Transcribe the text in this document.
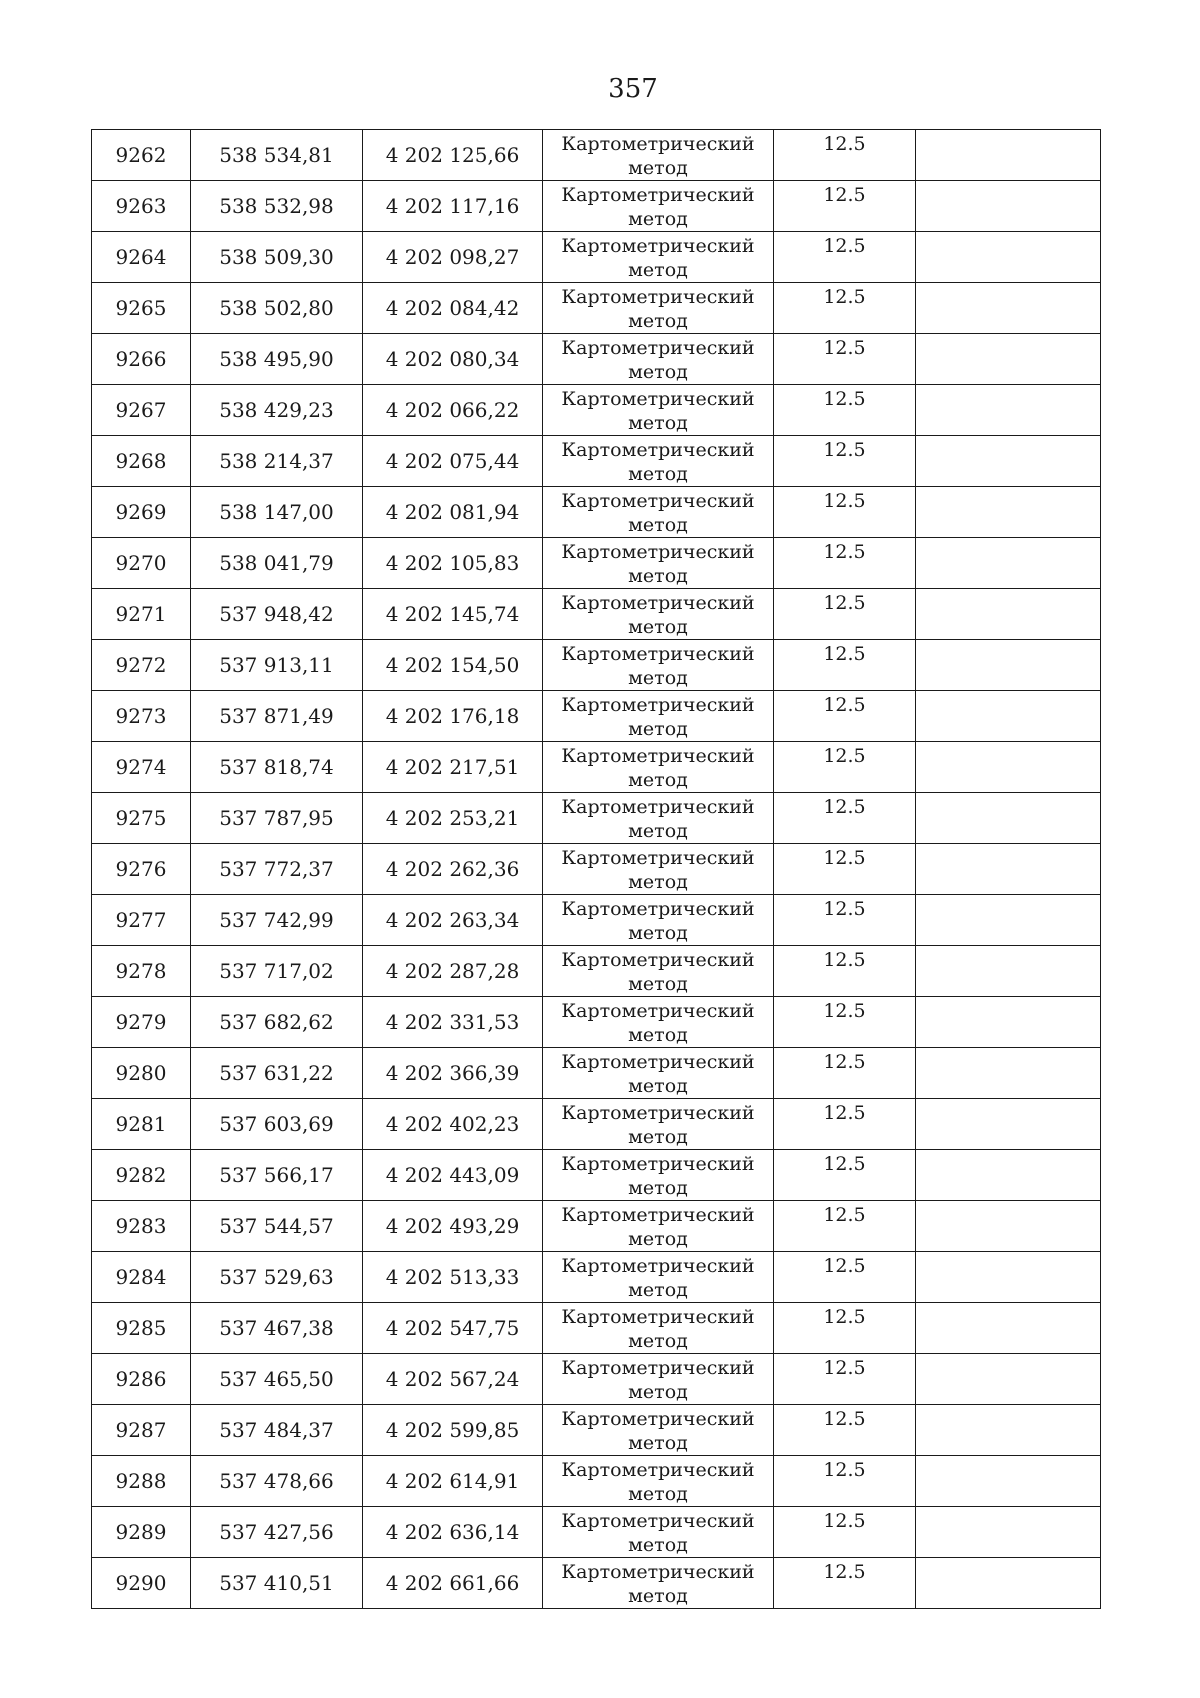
357
9262	538 534,81	4 202 125,66	Картометрический
метод	12.5	
9263	538 532,98	4 202 117,16	Картометрический
метод	12.5	
9264	538 509,30	4 202 098,27	Картометрический
метод	12.5	
9265	538 502,80	4 202 084,42	Картометрический
метод	12.5	
9266	538 495,90	4 202 080,34	Картометрический
метод	12.5	
9267	538 429,23	4 202 066,22	Картометрический
метод	12.5	
9268	538 214,37	4 202 075,44	Картометрический
метод	12.5	
9269	538 147,00	4 202 081,94	Картометрический
метод	12.5	
9270	538 041,79	4 202 105,83	Картометрический
метод	12.5	
9271	537 948,42	4 202 145,74	Картометрический
метод	12.5	
9272	537 913,11	4 202 154,50	Картометрический
метод	12.5	
9273	537 871,49	4 202 176,18	Картометрический
метод	12.5	
9274	537 818,74	4 202 217,51	Картометрический
метод	12.5	
9275	537 787,95	4 202 253,21	Картометрический
метод	12.5	
9276	537 772,37	4 202 262,36	Картометрический
метод	12.5	
9277	537 742,99	4 202 263,34	Картометрический
метод	12.5	
9278	537 717,02	4 202 287,28	Картометрический
метод	12.5	
9279	537 682,62	4 202 331,53	Картометрический
метод	12.5	
9280	537 631,22	4 202 366,39	Картометрический
метод	12.5	
9281	537 603,69	4 202 402,23	Картометрический
метод	12.5	
9282	537 566,17	4 202 443,09	Картометрический
метод	12.5	
9283	537 544,57	4 202 493,29	Картометрический
метод	12.5	
9284	537 529,63	4 202 513,33	Картометрический
метод	12.5	
9285	537 467,38	4 202 547,75	Картометрический
метод	12.5	
9286	537 465,50	4 202 567,24	Картометрический
метод	12.5	
9287	537 484,37	4 202 599,85	Картометрический
метод	12.5	
9288	537 478,66	4 202 614,91	Картометрический
метод	12.5	
9289	537 427,56	4 202 636,14	Картометрический
метод	12.5	
9290	537 410,51	4 202 661,66	Картометрический
метод	12.5	
